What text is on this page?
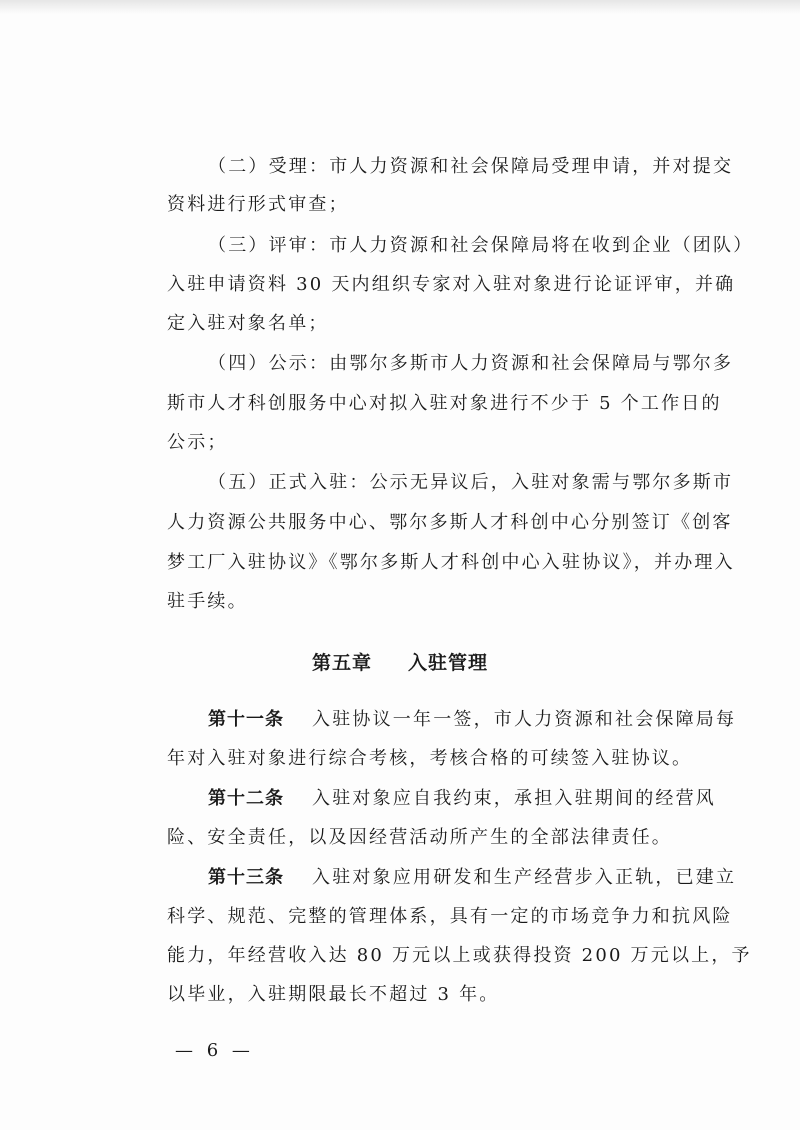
（二）受理：市人力资源和社会保障局受理申请，并对提交
资料进行形式审查；
（三）评审：市人力资源和社会保障局将在收到企业（团队）
入驻申请资料 30 天内组织专家对入驻对象进行论证评审，并确
定入驻对象名单；
（四）公示：由鄂尔多斯市人力资源和社会保障局与鄂尔多
斯市人才科创服务中心对拟入驻对象进行不少于 5 个工作日的
公示；
（五）正式入驻：公示无异议后，入驻对象需与鄂尔多斯市
人力资源公共服务中心、鄂尔多斯人才科创中心分别签订《创客
梦工厂入驻协议》《鄂尔多斯人才科创中心入驻协议》，并办理入
驻手续。
第五章 入驻管理
第十一条 入驻协议一年一签，市人力资源和社会保障局每
年对入驻对象进行综合考核，考核合格的可续签入驻协议。
第十二条 入驻对象应自我约束，承担入驻期间的经营风
险、安全责任，以及因经营活动所产生的全部法律责任。
第十三条 入驻对象应用研发和生产经营步入正轨，已建立
科学、规范、完整的管理体系，具有一定的市场竞争力和抗风险
能力，年经营收入达 80 万元以上或获得投资 200 万元以上，予
以毕业，入驻期限最长不超过 3 年。
— 6 —
